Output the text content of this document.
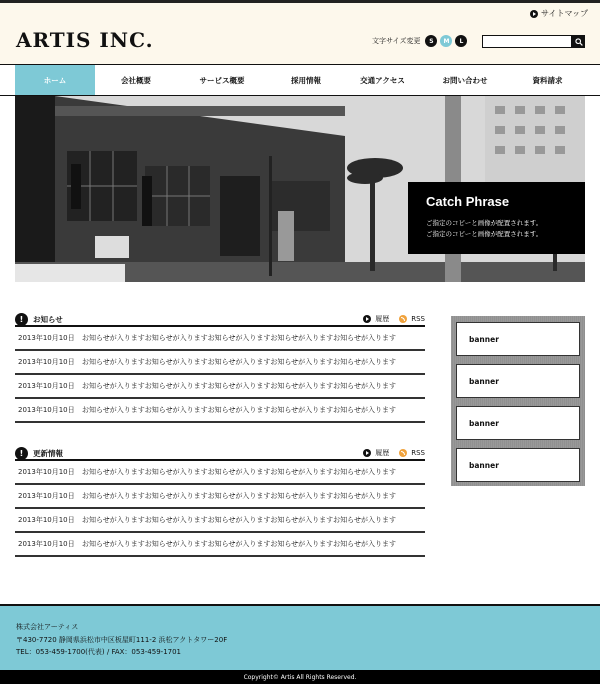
ARTIS INC.
サイトマップ
文字サイズ変更	S	M	L
ホーム	会社概要	サービス概要	採用情報	交通アクセス	お問い合わせ	資料請求
Catch Phrase
ご指定のコピーと画像が配置されます。
ご指定のコピーと画像が配置されます。
!	お知らせ	履歴	RSS
2013年10月10日	お知らせが入りますお知らせが入りますお知らせが入りますお知らせが入りますお知らせが入ります
2013年10月10日	お知らせが入りますお知らせが入りますお知らせが入りますお知らせが入りますお知らせが入ります
2013年10月10日	お知らせが入りますお知らせが入りますお知らせが入りますお知らせが入りますお知らせが入ります
2013年10月10日	お知らせが入りますお知らせが入りますお知らせが入りますお知らせが入りますお知らせが入ります
!	更新情報	履歴	RSS
2013年10月10日	お知らせが入りますお知らせが入りますお知らせが入りますお知らせが入りますお知らせが入ります
2013年10月10日	お知らせが入りますお知らせが入りますお知らせが入りますお知らせが入りますお知らせが入ります
2013年10月10日	お知らせが入りますお知らせが入りますお知らせが入りますお知らせが入りますお知らせが入ります
2013年10月10日	お知らせが入りますお知らせが入りますお知らせが入りますお知らせが入りますお知らせが入ります
banner
banner
banner
banner
株式会社アーティス
〒430-7720 静岡県浜松市中区板屋町111-2 浜松アクトタワー20F
TEL：053-459-1700(代表) / FAX：053-459-1701
Copyright© Artis All Rights Reserved.
